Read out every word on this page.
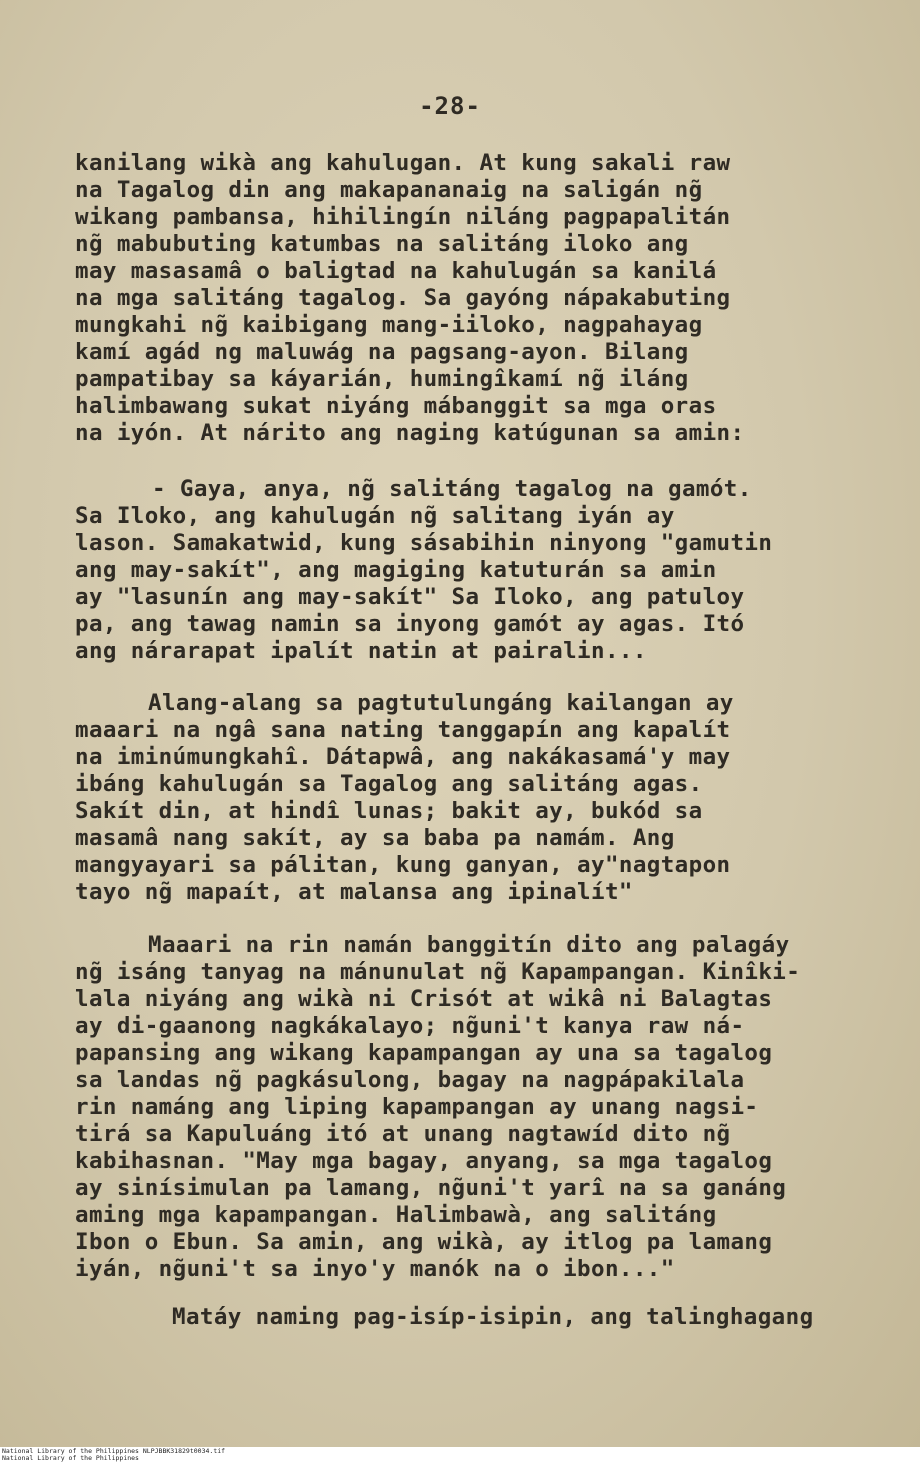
-28-
kanilang wikà ang kahulugan. At kung sakali raw
na Tagalog din ang makapananaig na saligán ng̃
wikang pambansa, hihilingín niláng pagpapalitán
ng̃ mabubuting katumbas na salitáng iloko ang
may masasamâ o baligtad na kahulugán sa kanilá
na mga salitáng tagalog. Sa gayóng nápakabuting
mungkahi ng̃ kaibigang mang-iiloko, nagpahayag
kamí agád ng maluwág na pagsang-ayon. Bilang
pampatibay sa káyarián, humingîkamí ng̃ iláng
halimbawang sukat niyáng mábanggit sa mga oras
na iyón. At nárito ang naging katúgunan sa amin:
- Gaya, anya, ng̃ salitáng tagalog na gamót.
Sa Iloko, ang kahulugán ng̃ salitang iyán ay
lason. Samakatwid, kung sásabihin ninyong "gamutin
ang may-sakít", ang magiging katuturán sa amin
ay "lasunín ang may-sakít" Sa Iloko, ang patuloy
pa, ang tawag namin sa inyong gamót ay agas. Itó
ang nárarapat ipalít natin at pairalin...
Alang-alang sa pagtutulungáng kailangan ay
maaari na ngâ sana nating tanggapín ang kapalít
na iminúmungkahî. Dátapwâ, ang nakákasamá'y may
ibáng kahulugán sa Tagalog ang salitáng agas.
Sakít din, at hindî lunas; bakit ay, bukód sa
masamâ nang sakít, ay sa baba pa namám. Ang
mangyayari sa pálitan, kung ganyan, ay"nagtapon
tayo ng̃ mapaít, at malansa ang ipinalít"
Maaari na rin namán banggitín dito ang palagáy
ng̃ isáng tanyag na mánunulat ng̃ Kapampangan. Kinîki-
lala niyáng ang wikà ni Crisót at wikâ ni Balagtas
ay di-gaanong nagkákalayo; ng̃uni't kanya raw ná-
papansing ang wikang kapampangan ay una sa tagalog
sa landas ng̃ pagkásulong, bagay na nagpápakilala
rin namáng ang liping kapampangan ay unang nagsi-
tirá sa Kapuluáng itó at unang nagtawíd dito ng̃
kabihasnan. "May mga bagay, anyang, sa mga tagalog
ay sinísimulan pa lamang, ng̃uni't yarî na sa ganáng
aming mga kapampangan. Halimbawà, ang salitáng
Ibon o Ebun. Sa amin, ang wikà, ay itlog pa lamang
iyán, ng̃uni't sa inyo'y manók na o ibon..."
Matáy naming pag-isíp-isipin, ang talinghagang
National Library of the Philippines NLPJBBK31829t0034.tif
National Library of the Philippines
